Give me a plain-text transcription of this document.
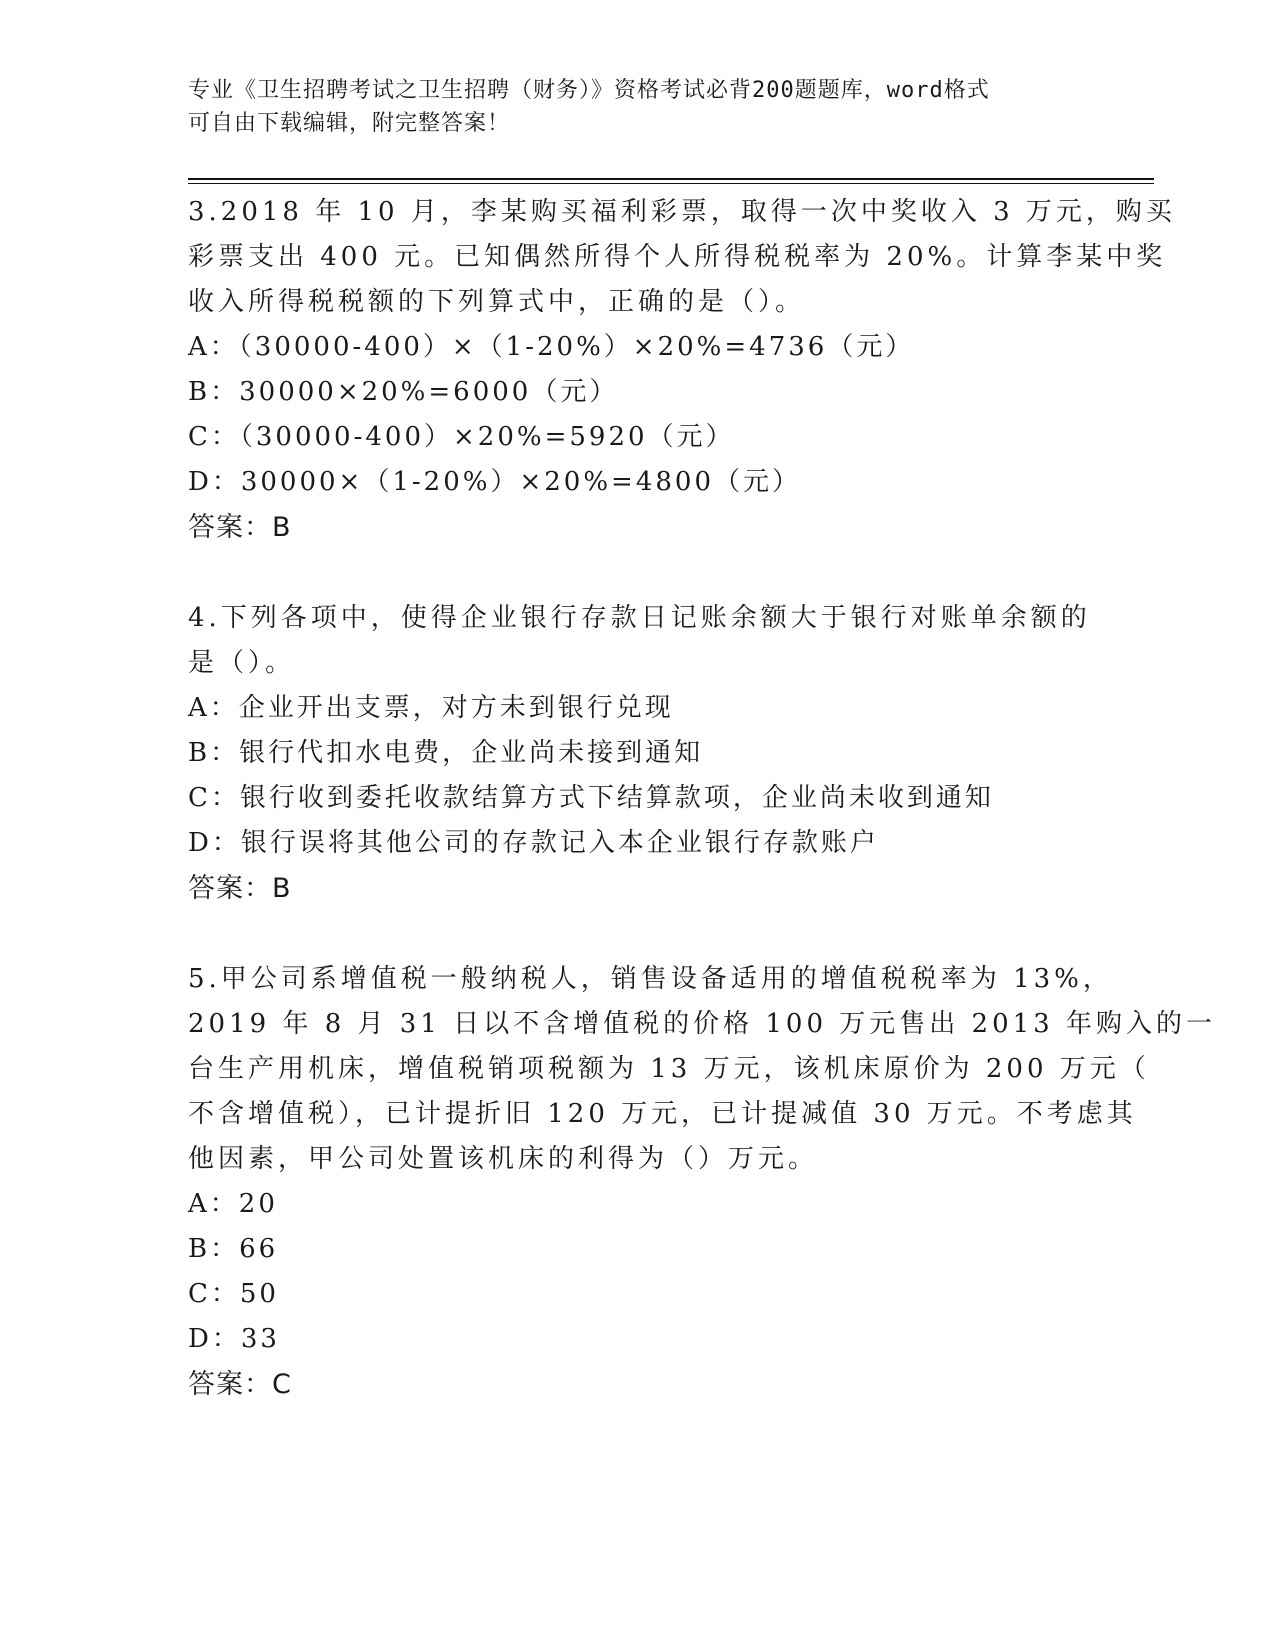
专业《卫生招聘考试之卫生招聘（财务）》资格考试必背200题题库，word格式
可自由下载编辑，附完整答案！
3.2018 年 10 月，李某购买福利彩票，取得一次中奖收入 3 万元，购买
彩票支出 400 元。已知偶然所得个人所得税税率为 20%。计算李某中奖
收入所得税税额的下列算式中，正确的是（）。
A：（30000-400）×（1-20%）×20%=4736（元）
B：30000×20%=6000（元）
C：（30000-400）×20%=5920（元）
D：30000×（1-20%）×20%=4800（元）
答案：B
4.下列各项中，使得企业银行存款日记账余额大于银行对账单余额的
是（）。
A：企业开出支票，对方未到银行兑现
B：银行代扣水电费，企业尚未接到通知
C：银行收到委托收款结算方式下结算款项，企业尚未收到通知
D：银行误将其他公司的存款记入本企业银行存款账户
答案：B
5.甲公司系增值税一般纳税人，销售设备适用的增值税税率为 13%，
2019 年 8 月 31 日以不含增值税的价格 100 万元售出 2013 年购入的一
台生产用机床，增值税销项税额为 13 万元，该机床原价为 200 万元（
不含增值税），已计提折旧 120 万元，已计提减值 30 万元。不考虑其
他因素，甲公司处置该机床的利得为（）万元。
A：20
B：66
C：50
D：33
答案：C
